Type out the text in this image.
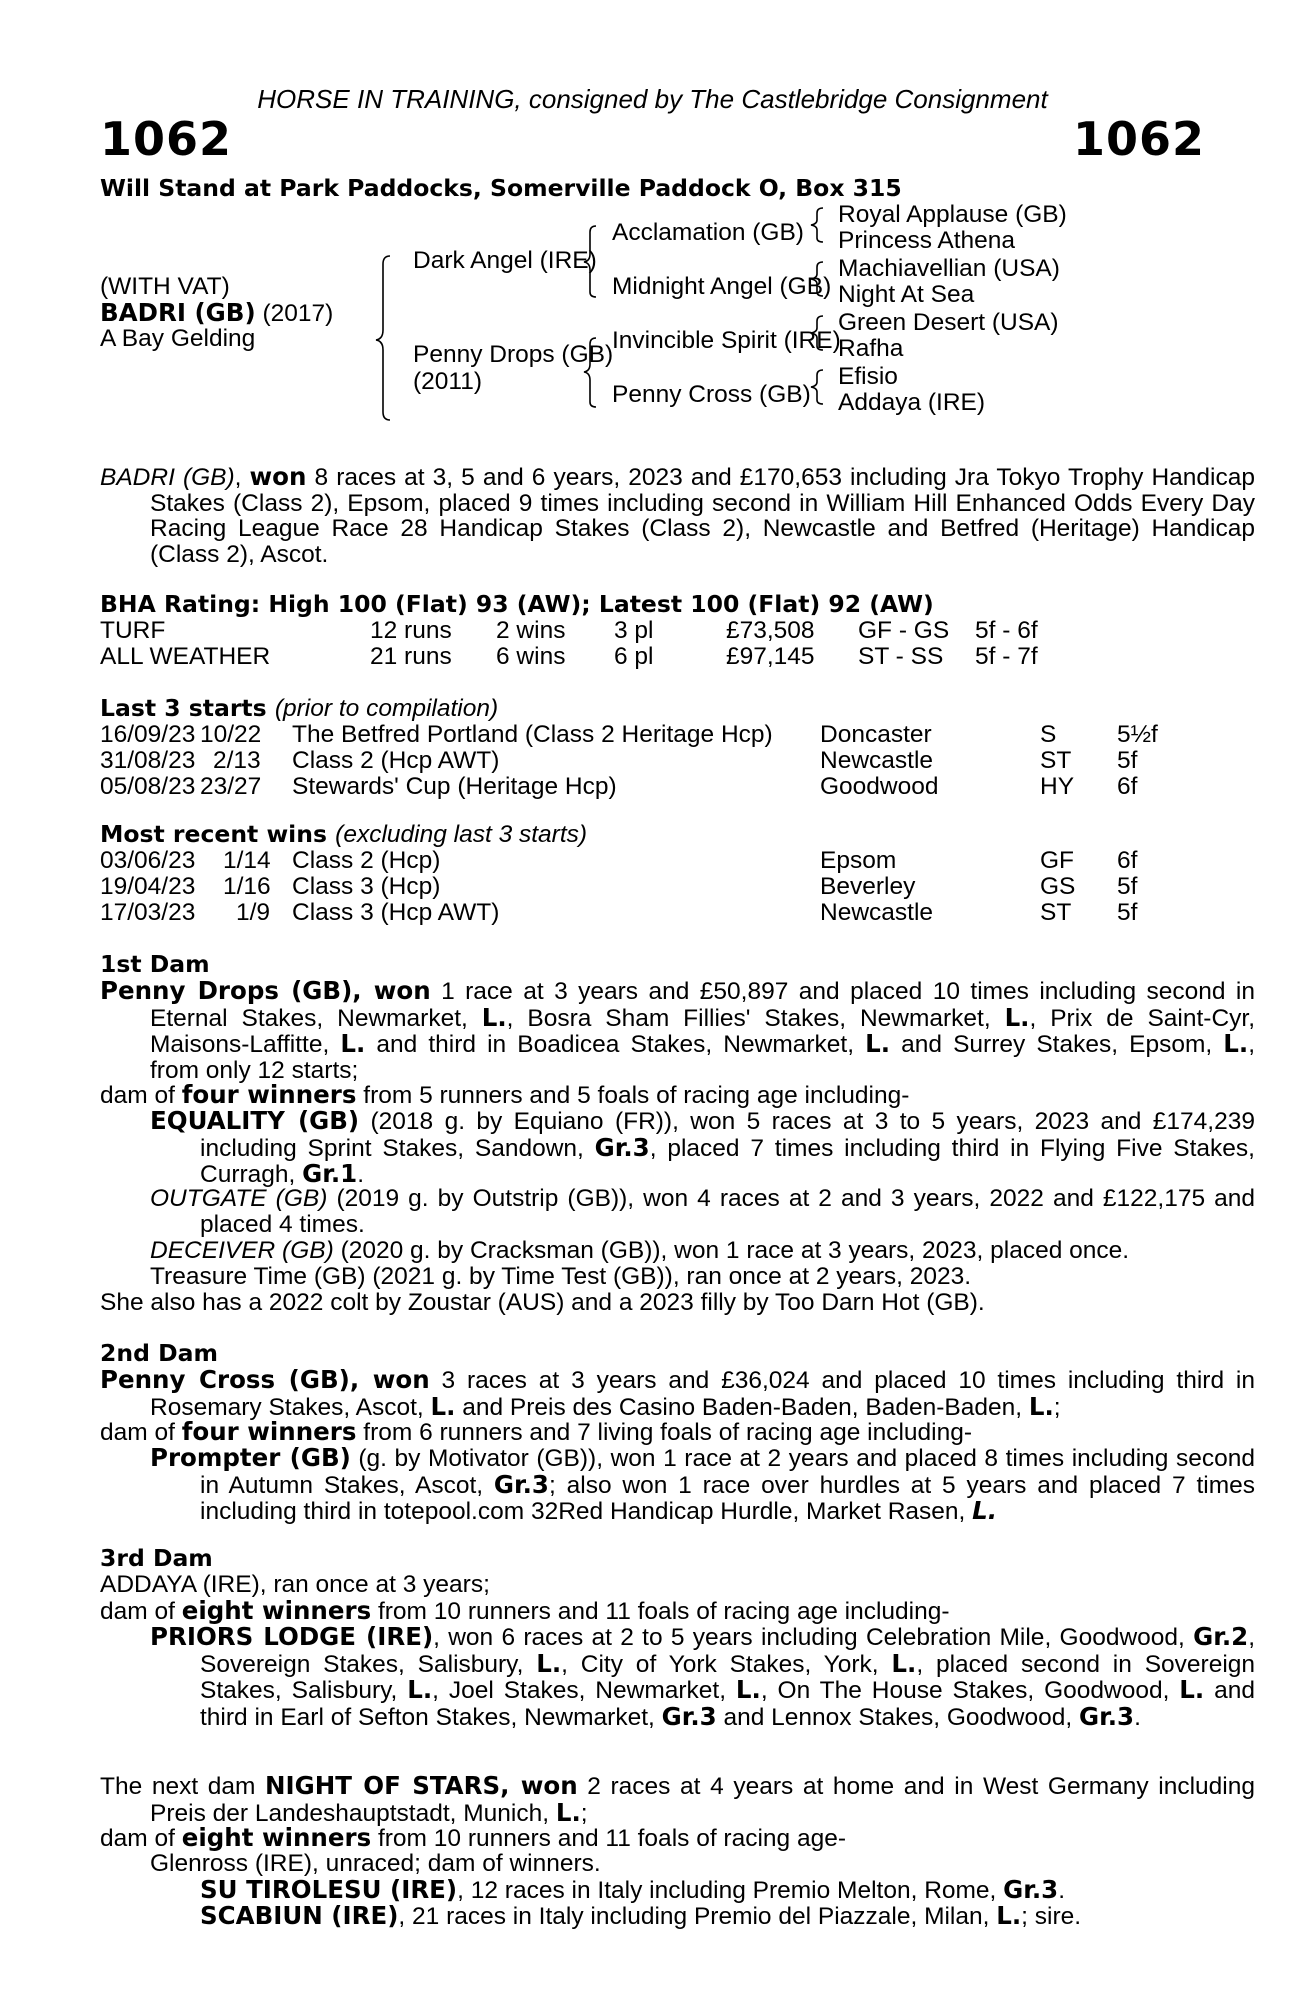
HORSE IN TRAINING, consigned by The Castlebridge Consignment
1062	1062
Will Stand at Park Paddocks, Somerville Paddock O, Box 315
(WITH VAT)
BADRI (GB) (2017)
A Bay Gelding
Dark Angel (IRE)
Penny Drops (GB)
(2011)
Acclamation (GB)
Midnight Angel (GB)
Invincible Spirit (IRE)
Penny Cross (GB)
Royal Applause (GB)
Princess Athena
Machiavellian (USA)
Night At Sea
Green Desert (USA)
Rafha
Efisio
Addaya (IRE)
BADRI (GB), won 8 races at 3, 5 and 6 years, 2023 and £170,653 including Jra Tokyo Trophy Handicap Stakes (Class 2), Epsom, placed 9 times including second in William Hill Enhanced Odds Every Day Racing League Race 28 Handicap Stakes (Class 2), Newcastle and Betfred (Heritage) Handicap (Class 2), Ascot.
BHA Rating: High 100 (Flat) 93 (AW); Latest 100 (Flat) 92 (AW)
TURF	12 runs 2 wins 3 pl	£73,508 GF - GS 5f - 6f
ALL WEATHER	21 runs 6 wins 6 pl	£97,145 ST - SS 5f - 7f
Last 3 starts (prior to compilation)
16/09/23 10/22 The Betfred Portland (Class 2 Heritage Hcp) Doncaster	S 5½f
31/08/23 2/13 Class 2 (Hcp AWT)	Newcastle	ST 5f
05/08/23 23/27 Stewards' Cup (Heritage Hcp)	Goodwood	HY 6f
Most recent wins (excluding last 3 starts)
03/06/23 1/14 Class 2 (Hcp)	Epsom	GF 6f
19/04/23 1/16 Class 3 (Hcp)	Beverley	GS 5f
17/03/23 1/9 Class 3 (Hcp AWT)	Newcastle	ST 5f
1st Dam
Penny Drops (GB), won 1 race at 3 years and £50,897 and placed 10 times including second in Eternal Stakes, Newmarket, L., Bosra Sham Fillies' Stakes, Newmarket, L., Prix de Saint-Cyr, Maisons-Laffitte, L. and third in Boadicea Stakes, Newmarket, L. and Surrey Stakes, Epsom, L., from only 12 starts;
dam of four winners from 5 runners and 5 foals of racing age including-
EQUALITY (GB) (2018 g. by Equiano (FR)), won 5 races at 3 to 5 years, 2023 and £174,239 including Sprint Stakes, Sandown, Gr.3, placed 7 times including third in Flying Five Stakes, Curragh, Gr.1.
OUTGATE (GB) (2019 g. by Outstrip (GB)), won 4 races at 2 and 3 years, 2022 and £122,175 and placed 4 times.
DECEIVER (GB) (2020 g. by Cracksman (GB)), won 1 race at 3 years, 2023, placed once.
Treasure Time (GB) (2021 g. by Time Test (GB)), ran once at 2 years, 2023.
She also has a 2022 colt by Zoustar (AUS) and a 2023 filly by Too Darn Hot (GB).
2nd Dam
Penny Cross (GB), won 3 races at 3 years and £36,024 and placed 10 times including third in Rosemary Stakes, Ascot, L. and Preis des Casino Baden-Baden, Baden-Baden, L.;
dam of four winners from 6 runners and 7 living foals of racing age including-
Prompter (GB) (g. by Motivator (GB)), won 1 race at 2 years and placed 8 times including second in Autumn Stakes, Ascot, Gr.3; also won 1 race over hurdles at 5 years and placed 7 times including third in totepool.com 32Red Handicap Hurdle, Market Rasen, L.
3rd Dam
ADDAYA (IRE), ran once at 3 years;
dam of eight winners from 10 runners and 11 foals of racing age including-
PRIORS LODGE (IRE), won 6 races at 2 to 5 years including Celebration Mile, Goodwood, Gr.2, Sovereign Stakes, Salisbury, L., City of York Stakes, York, L., placed second in Sovereign Stakes, Salisbury, L., Joel Stakes, Newmarket, L., On The House Stakes, Goodwood, L. and third in Earl of Sefton Stakes, Newmarket, Gr.3 and Lennox Stakes, Goodwood, Gr.3.
The next dam NIGHT OF STARS, won 2 races at 4 years at home and in West Germany including Preis der Landeshauptstadt, Munich, L.;
dam of eight winners from 10 runners and 11 foals of racing age-
Glenross (IRE), unraced; dam of winners.
SU TIROLESU (IRE), 12 races in Italy including Premio Melton, Rome, Gr.3.
SCABIUN (IRE), 21 races in Italy including Premio del Piazzale, Milan, L.; sire.
